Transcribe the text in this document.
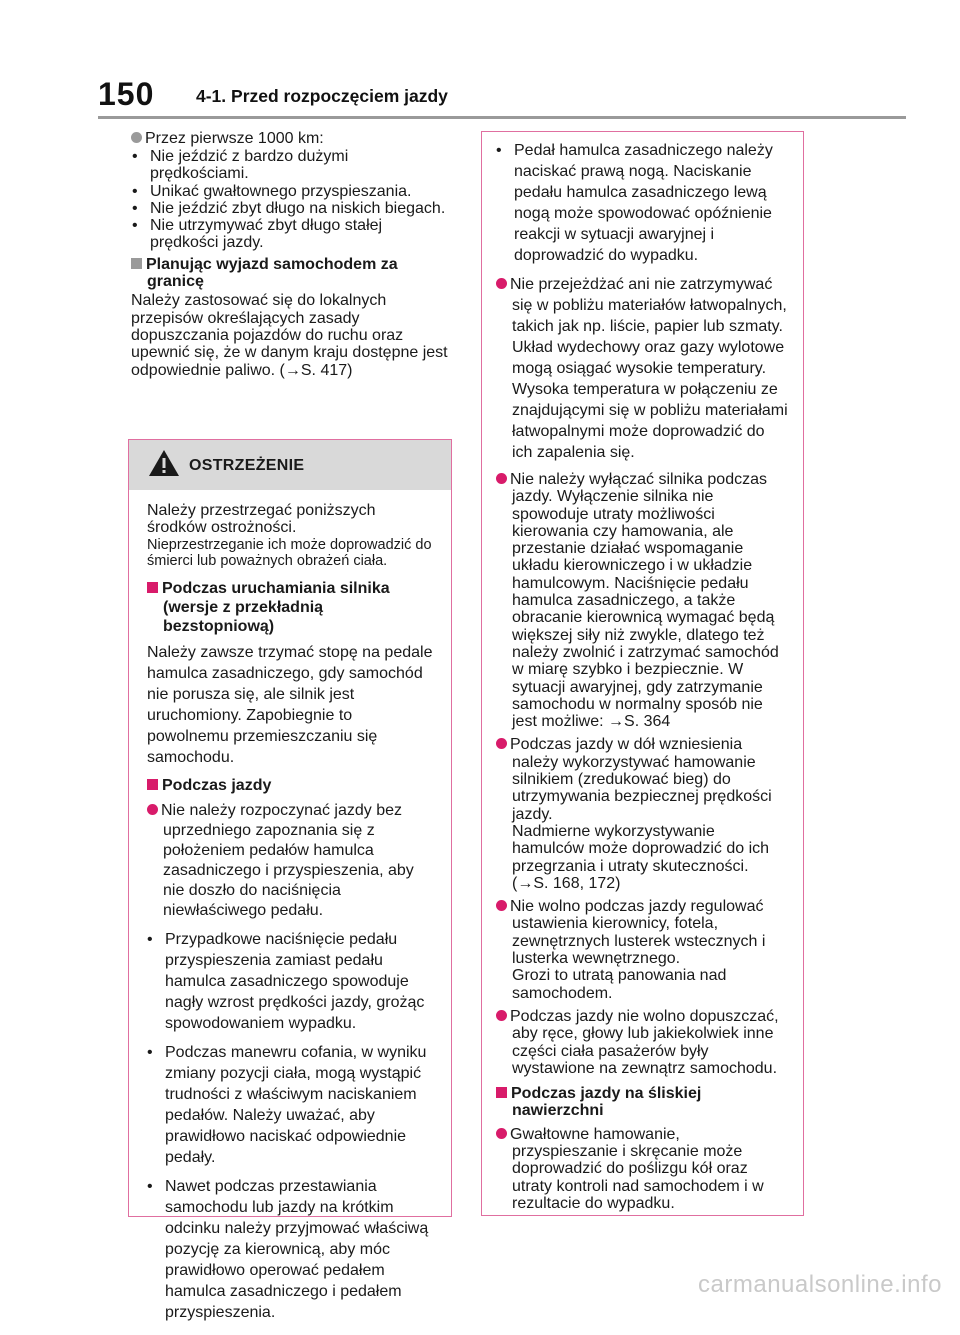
150 4-1. Przed rozpoczęciem jazdy

Przez pierwsze 1000 km:

• Nie jeździć z bardzo dużymi prędkościami.

• Unikać gwałtownego przyspieszania.

• Nie jeździć zbyt długo na niskich biegach.

• Nie utrzymywać zbyt długo stałej prędkości jazdy.

Planując wyjazd samochodem za granicę

Należy zastosować się do lokalnych przepisów określających zasady dopuszczania pojazdów do ruchu oraz upewnić się, że w danym kraju dostępne jest odpowiednie paliwo. (→S. 417)

OSTRZEŻENIE

Należy przestrzegać poniższych środków ostrożności.

Nieprzestrzeganie ich może doprowadzić do śmierci lub poważnych obrażeń ciała.

Podczas uruchamiania silnika (wersje z przekładnią bezstopniową)

Należy zawsze trzymać stopę na pedale hamulca zasadniczego, gdy samochód nie porusza się, ale silnik jest uruchomiony. Zapobiegnie to powolnemu przemieszczaniu się samochodu.

Podczas jazdy

Nie należy rozpoczynać jazdy bez uprzedniego zapoznania się z położeniem pedałów hamulca zasadniczego i przyspieszenia, aby nie doszło do naciśnięcia niewłaściwego pedału.

• Przypadkowe naciśnięcie pedału przyspieszenia zamiast pedału hamulca zasadniczego spowoduje nagły wzrost prędkości jazdy, grożąc spowodowaniem wypadku.

• Podczas manewru cofania, w wyniku zmiany pozycji ciała, mogą wystąpić trudności z właściwym naciskaniem pedałów. Należy uważać, aby prawidłowo naciskać odpowiednie pedały.

• Nawet podczas przestawiania samochodu lub jazdy na krótkim odcinku należy przyjmować właściwą pozycję za kierownicą, aby móc prawidłowo operować pedałem hamulca zasadniczego i pedałem przyspieszenia.

• Pedał hamulca zasadniczego należy naciskać prawą nogą. Naciskanie pedału hamulca zasadniczego lewą nogą może spowodować opóźnienie reakcji w sytuacji awaryjnej i doprowadzić do wypadku.

Nie przejeżdżać ani nie zatrzymywać się w pobliżu materiałów łatwopalnych, takich jak np. liście, papier lub szmaty.

Układ wydechowy oraz gazy wylotowe mogą osiągać wysokie temperatury. Wysoka temperatura w połączeniu ze znajdującymi się w pobliżu materiałami łatwopalnymi może doprowadzić do ich zapalenia się.

Nie należy wyłączać silnika podczas jazdy. Wyłączenie silnika nie spowoduje utraty możliwości kierowania czy hamowania, ale przestanie działać wspomaganie układu kierowniczego i w układzie hamulcowym. Naciśnięcie pedału hamulca zasadniczego, a także obracanie kierownicą wymagać będą większej siły niż zwykle, dlatego też należy zwolnić i zatrzymać samochód w miarę szybko i bezpiecznie. W sytuacji awaryjnej, gdy zatrzymanie samochodu w normalny sposób nie jest możliwe: →S. 364

Podczas jazdy w dół wzniesienia należy wykorzystywać hamowanie silnikiem (zredukować bieg) do utrzymywania bezpiecznej prędkości jazdy.

Nadmierne wykorzystywanie hamulców może doprowadzić do ich przegrzania i utraty skuteczności. (→S. 168, 172)

Nie wolno podczas jazdy regulować ustawienia kierownicy, fotela, zewnętrznych lusterek wstecznych i lusterka wewnętrznego.

Grozi to utratą panowania nad samochodem.

Podczas jazdy nie wolno dopuszczać, aby ręce, głowy lub jakiekolwiek inne części ciała pasażerów były wystawione na zewnątrz samochodu.

Podczas jazdy na śliskiej nawierzchni

Gwałtowne hamowanie, przyspieszanie i skręcanie może doprowadzić do poślizgu kół oraz utraty kontroli nad samochodem i w rezultacie do wypadku.

carmanualsonline.info
